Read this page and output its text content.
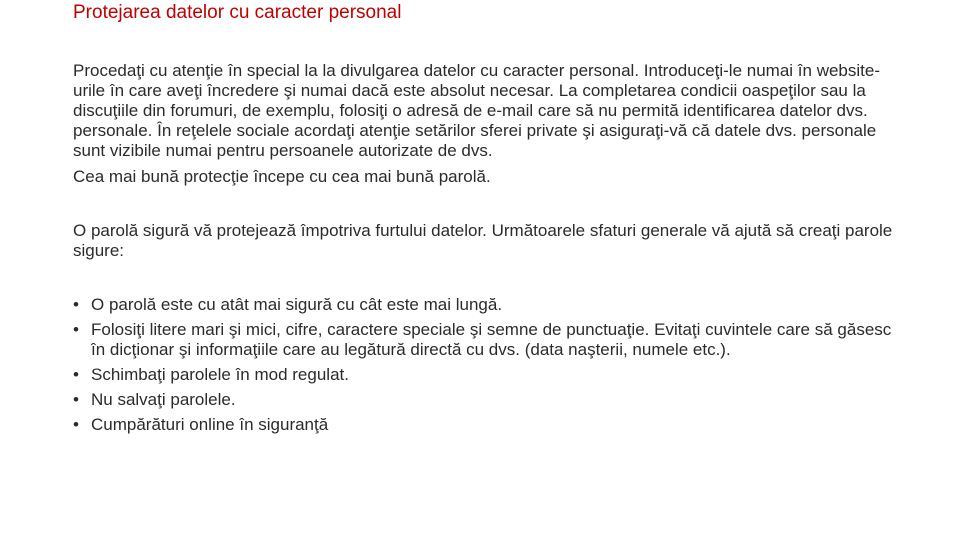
Protejarea datelor cu caracter personal

Procedaţi cu atenţie în special la la divulgarea datelor cu caracter personal. Introduceţi-le numai în website-urile în care aveţi încredere şi numai dacă este absolut necesar. La completarea condicii oaspeţilor sau la discuţiile din forumuri, de exemplu, folosiţi o adresă de e-mail care să nu permită identificarea datelor dvs. personale. În reţelele sociale acordaţi atenţie setărilor sferei private şi asiguraţi-vă că datele dvs. personale sunt vizibile numai pentru persoanele autorizate de dvs.

Cea mai bună protecţie începe cu cea mai bună parolă.

O parolă sigură vă protejează împotriva furtului datelor. Următoarele sfaturi generale vă ajută să creaţi parole sigure:

• O parolă este cu atât mai sigură cu cât este mai lungă.
• Folosiţi litere mari şi mici, cifre, caractere speciale şi semne de punctuaţie. Evitaţi cuvintele care să găsesc în dicţionar şi informaţiile care au legătură directă cu dvs. (data naşterii, numele etc.).
• Schimbaţi parolele în mod regulat.
• Nu salvaţi parolele.
• Cumpărături online în siguranţă
